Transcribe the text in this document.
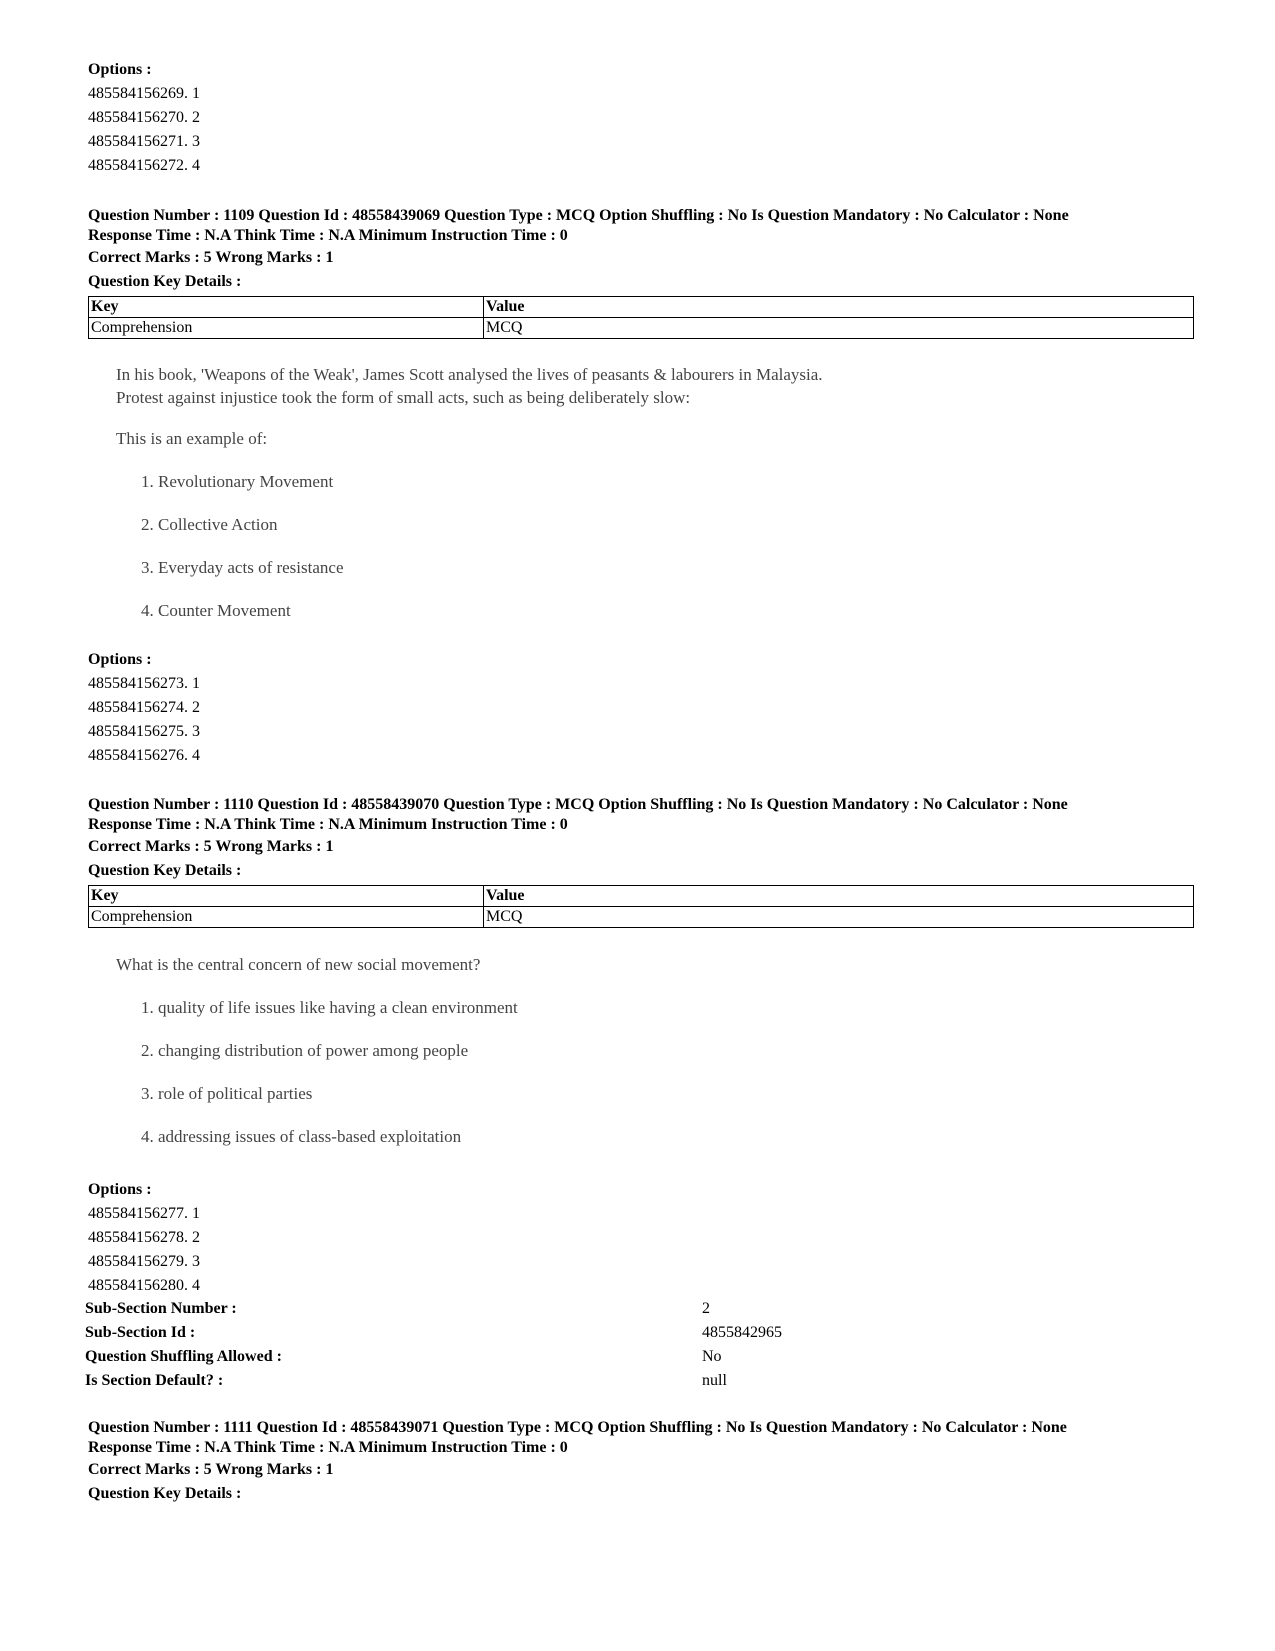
Options :
485584156269. 1
485584156270. 2
485584156271. 3
485584156272. 4
Question Number : 1109 Question Id : 48558439069 Question Type : MCQ Option Shuffling : No Is Question Mandatory : No Calculator : None
Response Time : N.A Think Time : N.A Minimum Instruction Time : 0
Correct Marks : 5 Wrong Marks : 1
Question Key Details :
Key	Value
Comprehension	MCQ
In his book, 'Weapons of the Weak', James Scott analysed the lives of peasants & labourers in Malaysia.
Protest against injustice took the form of small acts, such as being deliberately slow:
This is an example of:
1. Revolutionary Movement
2. Collective Action
3. Everyday acts of resistance
4. Counter Movement
Options :
485584156273. 1
485584156274. 2
485584156275. 3
485584156276. 4
Question Number : 1110 Question Id : 48558439070 Question Type : MCQ Option Shuffling : No Is Question Mandatory : No Calculator : None
Response Time : N.A Think Time : N.A Minimum Instruction Time : 0
Correct Marks : 5 Wrong Marks : 1
Question Key Details :
Key	Value
Comprehension	MCQ
What is the central concern of new social movement?
1. quality of life issues like having a clean environment
2. changing distribution of power among people
3. role of political parties
4. addressing issues of class-based exploitation
Options :
485584156277. 1
485584156278. 2
485584156279. 3
485584156280. 4
Sub-Section Number :	2
Sub-Section Id :	4855842965
Question Shuffling Allowed :	No
Is Section Default? :	null
Question Number : 1111 Question Id : 48558439071 Question Type : MCQ Option Shuffling : No Is Question Mandatory : No Calculator : None
Response Time : N.A Think Time : N.A Minimum Instruction Time : 0
Correct Marks : 5 Wrong Marks : 1
Question Key Details :
